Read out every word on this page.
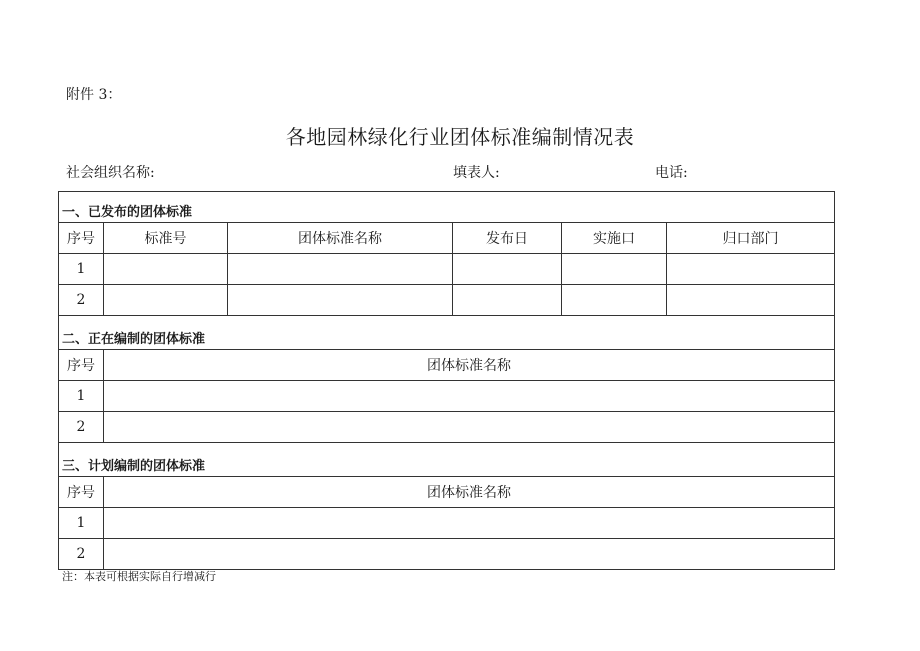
附件 3：
各地园林绿化行业团体标准编制情况表
社会组织名称:	填表人:	电话:
一、已发布的团体标准					
序号	标准号	团体标准名称	发布日	实施口	归口部门
1					
2					
二、正在编制的团体标准					
序号	团体标准名称				
1					
2					
三、计划编制的团体标准					
序号	团体标准名称				
1					
2					
注：本表可根据实际自行增减行
